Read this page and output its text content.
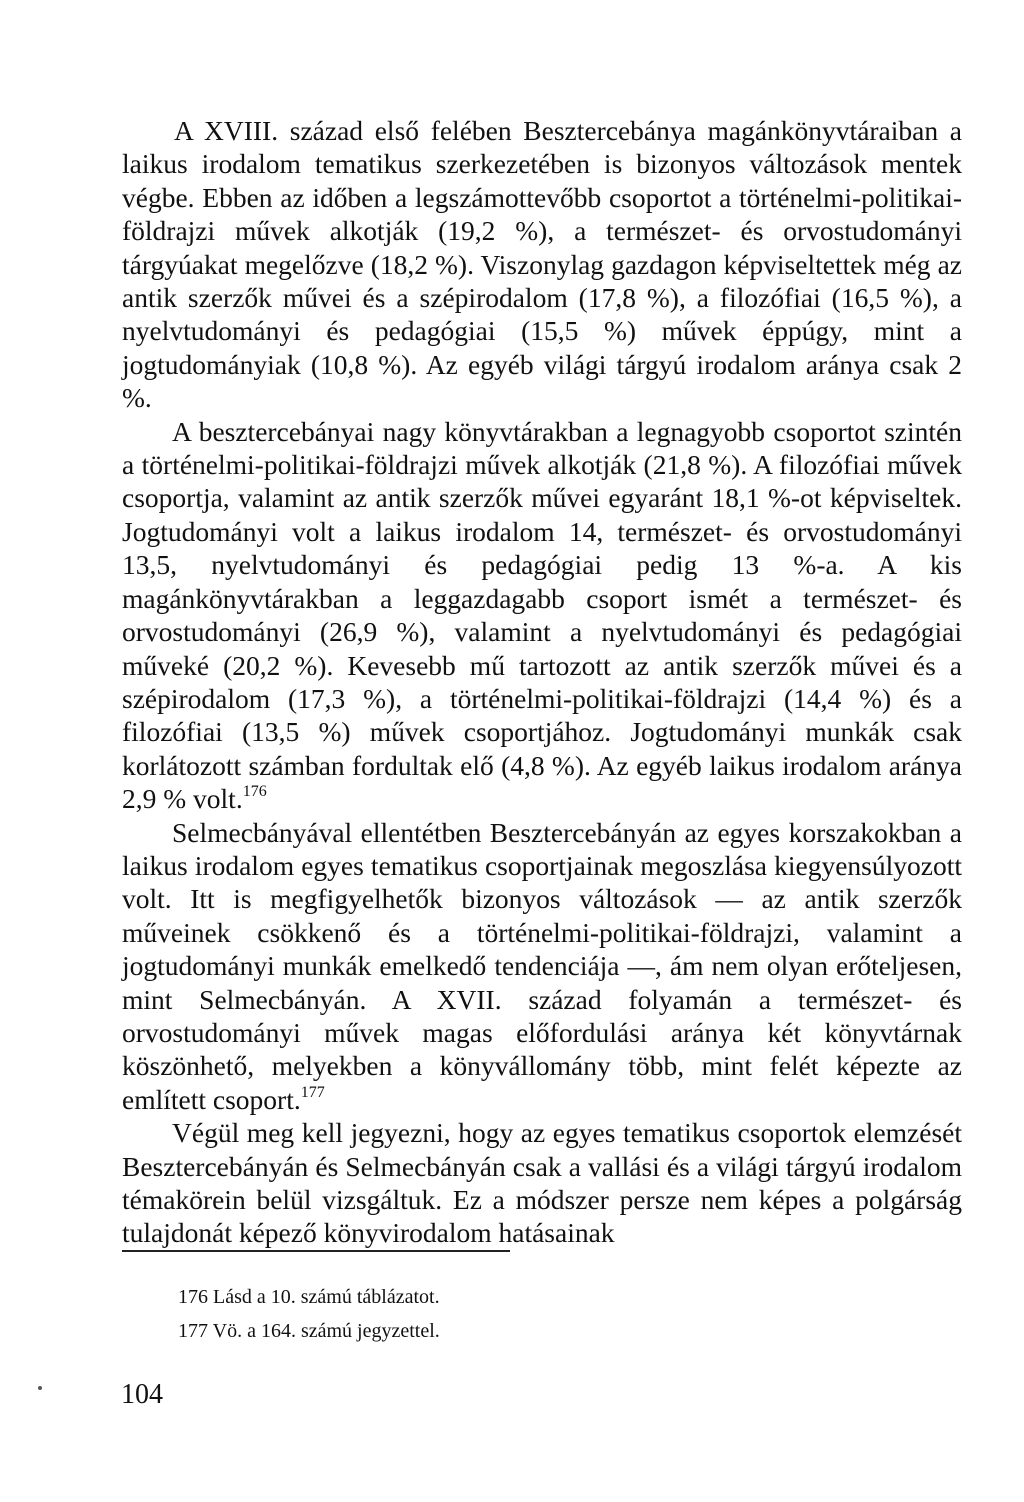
A XVIII. század első felében Besztercebánya magánkönyvtáraiban a laikus irodalom tematikus szerkezetében is bizonyos változások mentek végbe. Ebben az időben a legszámottevőbb csoportot a történelmi-politikai-földrajzi művek alkotják (19,2 %), a természet- és orvostudományi tárgyúakat megelőzve (18,2 %). Viszonylag gazdagon képviseltettek még az antik szerzők művei és a szépirodalom (17,8 %), a filozófiai (16,5 %), a nyelvtudományi és pedagógiai (15,5 %) művek éppúgy, mint a jogtudományiak (10,8 %). Az egyéb világi tárgyú irodalom aránya csak 2 %.

A besztercebányai nagy könyvtárakban a legnagyobb csoportot szintén a történelmi-politikai-földrajzi művek alkotják (21,8 %). A filozófiai művek csoportja, valamint az antik szerzők művei egyaránt 18,1 %-ot képviseltek. Jogtudományi volt a laikus irodalom 14, természet- és orvostudományi 13,5, nyelvtudományi és pedagógiai pedig 13 %-a. A kis magánkönyvtárakban a leggazdagabb csoport ismét a természet- és orvostudományi (26,9 %), valamint a nyelvtudományi és pedagógiai műveké (20,2 %). Kevesebb mű tartozott az antik szerzők művei és a szépirodalom (17,3 %), a történelmi-politikai-földrajzi (14,4 %) és a filozófiai (13,5 %) művek csoportjához. Jogtudományi munkák csak korlátozott számban fordultak elő (4,8 %). Az egyéb laikus irodalom aránya 2,9 % volt.$^{176}$

Selmecbányával ellentétben Besztercebányán az egyes korszakokban a laikus irodalom egyes tematikus csoportjainak megoszlása kiegyensúlyozott volt. Itt is megfigyelhetők bizonyos változások — az antik szerzők műveinek csökkenő és a történelmi-politikai-földrajzi, valamint a jogtudományi munkák emelkedő tendenciája —, ám nem olyan erőteljesen, mint Selmecbányán. A XVII. század folyamán a természet- és orvostudományi művek magas előfordulási aránya két könyvtárnak köszönhető, melyekben a könyvállomány több, mint felét képezte az említett csoport.$^{177}$

Végül meg kell jegyezni, hogy az egyes tematikus csoportok elemzését Besztercebányán és Selmecbányán csak a vallási és a világi tárgyú irodalom témakörein belül vizsgáltuk. Ez a módszer persze nem képes a polgárság tulajdonát képező könyvirodalom hatásainak

176 Lásd a 10. számú táblázatot.

177 Vö. a 164. számú jegyzettel.

104
